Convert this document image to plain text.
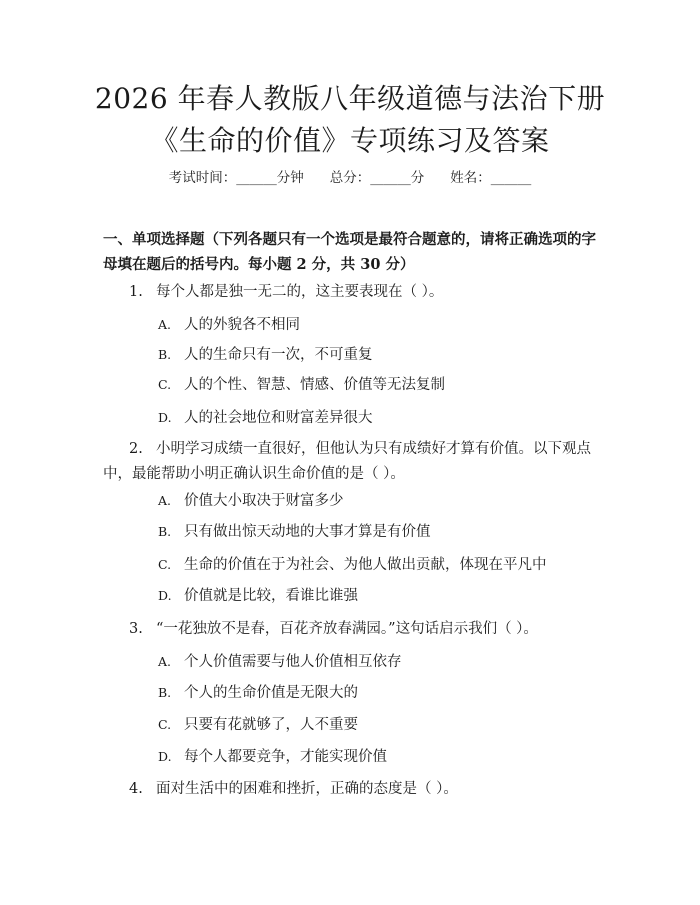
2026 年春人教版八年级道德与法治下册《生命的价值》专项练习及答案
考试时间：______分钟 总分：______分 姓名：______
一、单项选择题（下列各题只有一个选项是最符合题意的，请将正确选项的字母填在题后的括号内。每小题 2 分，共 30 分）
1. 每个人都是独一无二的，这主要表现在（ ）。
A. 人的外貌各不相同
B. 人的生命只有一次，不可重复
C. 人的个性、智慧、情感、价值等无法复制
D. 人的社会地位和财富差异很大
2. 小明学习成绩一直很好，但他认为只有成绩好才算有价值。以下观点中，最能帮助小明正确认识生命价值的是（ ）。
A. 价值大小取决于财富多少
B. 只有做出惊天动地的大事才算是有价值
C. 生命的价值在于为社会、为他人做出贡献，体现在平凡中
D. 价值就是比较，看谁比谁强
3. “一花独放不是春，百花齐放春满园。”这句话启示我们（ ）。
A. 个人价值需要与他人价值相互依存
B. 个人的生命价值是无限大的
C. 只要有花就够了，人不重要
D. 每个人都要竞争，才能实现价值
4. 面对生活中的困难和挫折，正确的态度是（ ）。
